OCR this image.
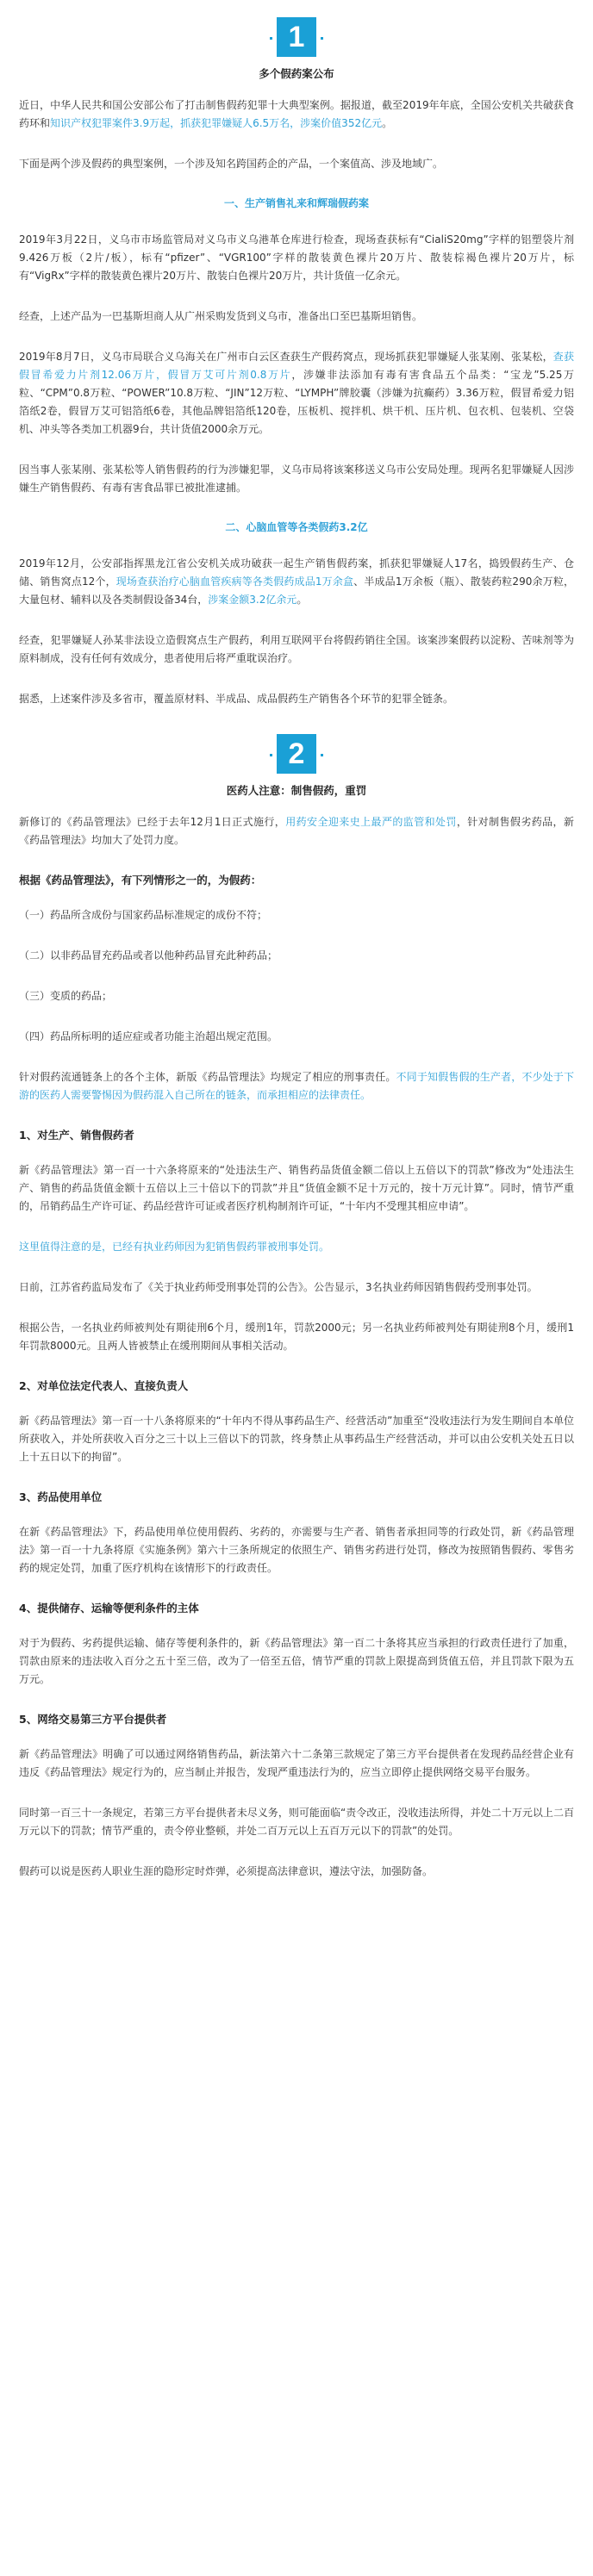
1
多个假药案公布

近日，中华人民共和国公安部公布了打击制售假药犯罪十大典型案例。据报道，截至2019年年底，全国公安机关共破获食药环和知识产权犯罪案件3.9万起，抓获犯罪嫌疑人6.5万名，涉案价值352亿元。

下面是两个涉及假药的典型案例，一个涉及知名跨国药企的产品，一个案值高、涉及地域广。

一、生产销售礼来和辉瑞假药案

2019年3月22日，义乌市市场监管局对义乌市义乌港革仓库进行检查，现场查获标有“CialiS20mg”字样的铝塑袋片剂9.426万板（2片/板），标有“pfizer”、“VGR100”字样的散装黄色裸片20万片、散装棕褐色裸片20万片，标有“VigRx”字样的散装黄色裸片20万片、散装白色裸片20万片，共计货值一亿余元。

经查，上述产品为一巴基斯坦商人从广州采购发货到义乌市，准备出口至巴基斯坦销售。

2019年8月7日，义乌市局联合义乌海关在广州市白云区查获生产假药窝点，现场抓获犯罪嫌疑人张某刚、张某松，查获假冒希爱力片剂12.06万片，假冒万艾可片剂0.8万片，涉嫌非法添加有毒有害食品五个品类：“宝龙”5.25万粒、“CPM”0.8万粒、“POWER”10.8万粒、“JIN”12万粒、“LYMPH”牌胶囊（涉嫌为抗癫药）3.36万粒，假冒希爱力铝箔纸2卷，假冒万艾可铝箔纸6卷，其他品牌铝箔纸120卷，压板机、搅拌机、烘干机、压片机、包衣机、包装机、空袋机、冲头等各类加工机器9台，共计货值2000余万元。

因当事人张某刚、张某松等人销售假药的行为涉嫌犯罪，义乌市局将该案移送义乌市公安局处理。现两名犯罪嫌疑人因涉嫌生产销售假药、有毒有害食品罪已被批准逮捕。

二、心脑血管等各类假药3.2亿

2019年12月，公安部指挥黑龙江省公安机关成功破获一起生产销售假药案，抓获犯罪嫌疑人17名，捣毁假药生产、仓储、销售窝点12个，现场查获治疗心脑血管疾病等各类假药成品1万余盒、半成品1万余板（瓶）、散装药粒290余万粒，大量包材、辅料以及各类制假设备34台，涉案金额3.2亿余元。

经查，犯罪嫌疑人孙某非法设立造假窝点生产假药，利用互联网平台将假药销往全国。该案涉案假药以淀粉、苦味剂等为原料制成，没有任何有效成分，患者使用后将严重耽误治疗。

据悉，上述案件涉及多省市，覆盖原材料、半成品、成品假药生产销售各个环节的犯罪全链条。

2
医药人注意：制售假药，重罚

新修订的《药品管理法》已经于去年12月1日正式施行，用药安全迎来史上最严的监管和处罚，针对制售假劣药品，新《药品管理法》均加大了处罚力度。

根据《药品管理法》，有下列情形之一的，为假药：

（一）药品所含成份与国家药品标准规定的成份不符；

（二）以非药品冒充药品或者以他种药品冒充此种药品；

（三）变质的药品；

（四）药品所标明的适应症或者功能主治超出规定范围。

针对假药流通链条上的各个主体，新版《药品管理法》均规定了相应的刑事责任。不同于知假售假的生产者，不少处于下游的医药人需要警惕因为假药混入自己所在的链条，而承担相应的法律责任。

1、对生产、销售假药者

新《药品管理法》第一百一十六条将原来的“处违法生产、销售药品货值金额二倍以上五倍以下的罚款”修改为“处违法生产、销售的药品货值金额十五倍以上三十倍以下的罚款”并且“货值金额不足十万元的，按十万元计算”。同时，情节严重的，吊销药品生产许可证、药品经营许可证或者医疗机构制剂许可证，“十年内不受理其相应申请”。

这里值得注意的是，已经有执业药师因为犯销售假药罪被刑事处罚。

日前，江苏省药监局发布了《关于执业药师受刑事处罚的公告》。公告显示，3名执业药师因销售假药受刑事处罚。

根据公告，一名执业药师被判处有期徒刑6个月，缓刑1年，罚款2000元；另一名执业药师被判处有期徒刑8个月，缓刑1年罚款8000元。且两人皆被禁止在缓刑期间从事相关活动。

2、对单位法定代表人、直接负责人

新《药品管理法》第一百一十八条将原来的“十年内不得从事药品生产、经营活动”加重至“没收违法行为发生期间自本单位所获收入，并处所获收入百分之三十以上三倍以下的罚款，终身禁止从事药品生产经营活动，并可以由公安机关处五日以上十五日以下的拘留”。

3、药品使用单位

在新《药品管理法》下，药品使用单位使用假药、劣药的，亦需要与生产者、销售者承担同等的行政处罚，新《药品管理法》第一百一十九条将原《实施条例》第六十三条所规定的依照生产、销售劣药进行处罚，修改为按照销售假药、零售劣药的规定处罚，加重了医疗机构在该情形下的行政责任。

4、提供储存、运输等便利条件的主体

对于为假药、劣药提供运输、储存等便利条件的，新《药品管理法》第一百二十条将其应当承担的行政责任进行了加重，罚款由原来的违法收入百分之五十至三倍，改为了一倍至五倍，情节严重的罚款上限提高到货值五倍，并且罚款下限为五万元。

5、网络交易第三方平台提供者

新《药品管理法》明确了可以通过网络销售药品，新法第六十二条第三款规定了第三方平台提供者在发现药品经营企业有违反《药品管理法》规定行为的，应当制止并报告，发现严重违法行为的，应当立即停止提供网络交易平台服务。

同时第一百三十一条规定，若第三方平台提供者未尽义务，则可能面临“责令改正，没收违法所得，并处二十万元以上二百万元以下的罚款；情节严重的，责令停业整顿，并处二百万元以上五百万元以下的罚款”的处罚。

假药可以说是医药人职业生涯的隐形定时炸弹，必须提高法律意识，遵法守法，加强防备。
